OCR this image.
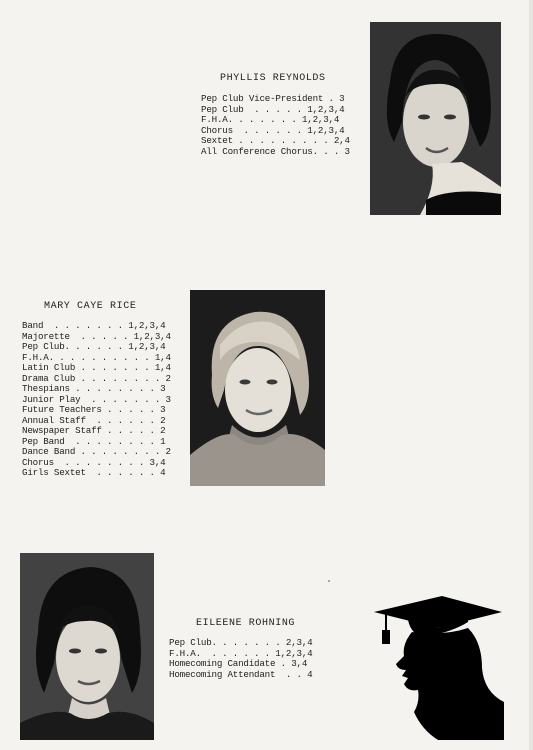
PHYLLIS REYNOLDS
Pep Club Vice-President . 3
Pep Club  . . . . . 1,2,3,4
F.H.A. . . . . . . 1,2,3,4
Chorus  . . . . . . 1,2,3,4
Sextet . . . . . . . . . 2,4
All Conference Chorus. . . 3
MARY CAYE RICE
Band  . . . . . . . 1,2,3,4
Majorette  . . . . . 1,2,3,4
Pep Club. . . . . . 1,2,3,4
F.H.A. . . . . . . . . . 1,4
Latin Club . . . . . . . 1,4
Drama Club . . . . . . . . 2
Thespians . . . . . . . . 3
Junior Play  . . . . . . . 3
Future Teachers . . . . . 3
Annual Staff  . . . . . . 2
Newspaper Staff . . . . . 2
Pep Band  . . . . . . . . 1
Dance Band . . . . . . . . 2
Chorus  . . . . . . . . 3,4
Girls Sextet  . . . . . . 4
EILEENE ROHNING
Pep Club. . . . . . . 2,3,4
F.H.A.  . . . . . . 1,2,3,4
Homecoming Candidate . 3,4
Homecoming Attendant  . . 4
